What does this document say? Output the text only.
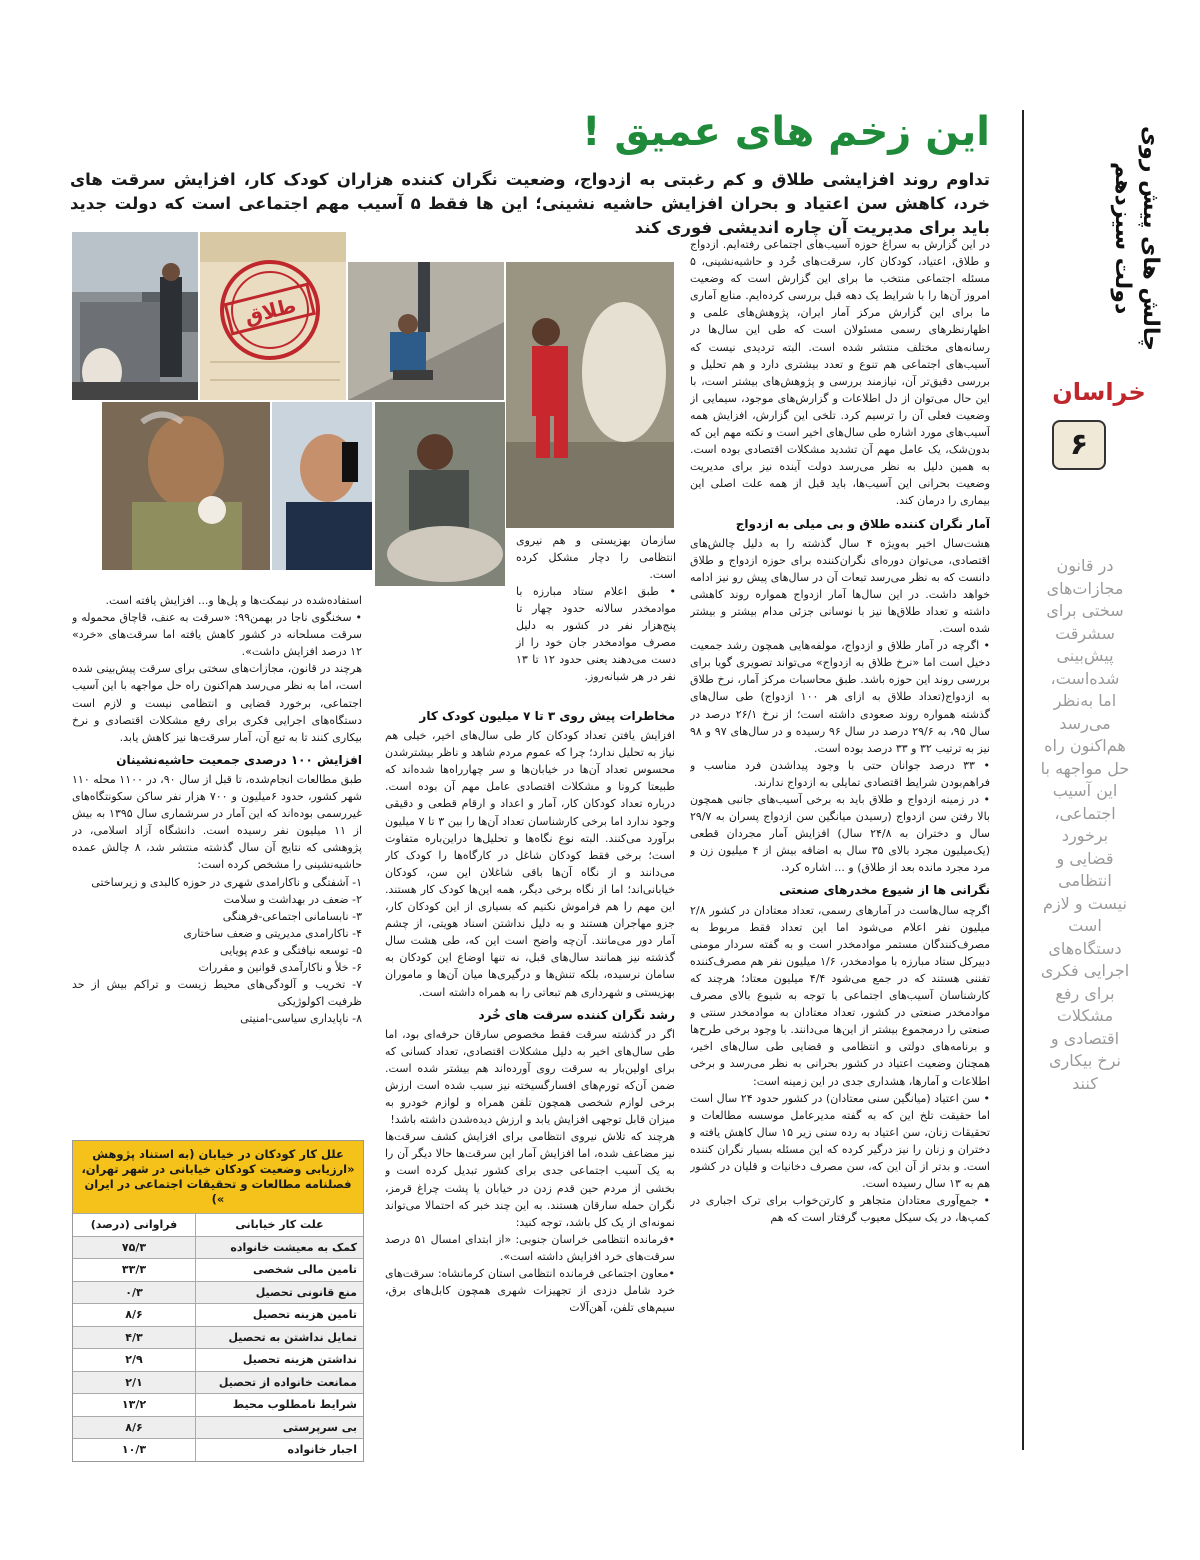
چالش های پیش روی دولت سیزدهم
خراسان
۶
در قانون مجازات‌های سختی برای سشرقت پیش‌بینی شده‌است، اما به‌نظر می‌رسد هم‌اکنون راه حل مواجهه با این آسیب اجتماعی، برخورد قضایی و انتظامی نیست و لازم است دستگاه‌های اجرایی فکری برای رفع مشکلات اقتصادی و نرخ بیکاری کنند
این زخم های عمیق !
تداوم روند افزایشی طلاق و کم رغبتی به ازدواج، وضعیت نگران کننده هزاران کودک کار، افزایش سرقت های خرد، کاهش سن اعتیاد و بحران افزایش حاشیه نشینی؛ این ها فقط ۵ آسیب مهم اجتماعی است که دولت جدید باید برای مدیریت آن چاره اندیشی فوری کند
طلاق
سازمان بهزیستی و هم نیروی انتظامی را دچار مشکل کرده است.
• طبق اعلام ستاد مبارزه با موادمخدر سالانه حدود چهار تا پنج‌هزار نفر در کشور به دلیل مصرف موادمخدر جان خود را از دست می‌دهند یعنی حدود ۱۲ تا ۱۳ نفر در هر شبانه‌روز.

در این گزارش به سراغ حوزه آسیب‌های اجتماعی رفته‌ایم. ازدواج و طلاق، اعتیاد، کودکان کار، سرقت‌های خُرد و حاشیه‌نشینی، ۵ مسئله اجتماعی منتخب ما برای این گزارش است که وضعیت امروز آن‌ها را با شرایط یک دهه قبل بررسی کرده‌ایم. منابع آماری ما برای این گزارش مرکز آمار ایران، پژوهش‌های علمی و اظهارنظرهای رسمی مسئولان است که طی این سال‌ها در رسانه‌های مختلف منتشر شده است. البته تردیدی نیست که آسیب‌های اجتماعی هم تنوع و تعدد بیشتری دارد و هم تحلیل و بررسی دقیق‌تر آن، نیازمند بررسی و پژوهش‌های بیشتر است، با این حال می‌توان از دل اطلاعات و گزارش‌های موجود، سیمایی از وضعیت فعلی آن را ترسیم کرد. تلخی این گزارش، افزایش همه آسیب‌های مورد اشاره طی سال‌های اخیر است و نکته مهم این که بدون‌شک، یک عامل مهم آن تشدید مشکلات اقتصادی بوده است. به همین دلیل به نظر می‌رسد دولت آینده نیز برای مدیریت وضعیت بحرانی این آسیب‌ها، باید قبل از همه علت اصلی این بیماری را درمان کند.

آمار نگران کننده طلاق و بی میلی به ازدواج

هشت‌سال اخیر به‌ویژه ۴ سال گذشته را به دلیل چالش‌های اقتصادی، می‌توان دوره‌ای نگران‌کننده برای حوزه ازدواج و طلاق دانست که به نظر می‌رسد تبعات آن در سال‌های پیش رو نیز ادامه خواهد داشت. در این سال‌ها آمار ازدواج همواره روند کاهشی داشته و تعداد طلاق‌ها نیز با نوسانی جزئی مدام بیشتر و بیشتر شده است.

• اگرچه در آمار طلاق و ازدواج، مولفه‌هایی همچون رشد جمعیت دخیل است اما «نرخ طلاق به ازدواج» می‌تواند تصویری گویا برای بررسی روند این حوزه باشد. طبق محاسبات مرکز آمار، نرخ طلاق به ازدواج(تعداد طلاق به ازای هر ۱۰۰ ازدواج) طی سال‌های گذشته همواره روند صعودی داشته است؛ از نرخ ۲۶/۱ درصد در سال ۹۵، به ۲۹/۶ درصد در سال ۹۶ رسیده و در سال‌های ۹۷ و ۹۸ نیز به ترتیب ۳۲ و ۳۳ درصد بوده است.

• ۳۳ درصد جوانان حتی با وجود پیداشدن فرد مناسب و فراهم‌بودن شرایط اقتصادی تمایلی به ازدواج ندارند.

• در زمینه ازدواج و طلاق باید به برخی آسیب‌های جانبی همچون بالا رفتن سن ازدواج (رسیدن میانگین سن ازدواج پسران به ۲۹/۷ سال و دختران به ۲۴/۸ سال) افزایش آمار مجردان قطعی (یک‌میلیون مجرد بالای ۳۵ سال به اضافه بیش از ۴ میلیون زن و مرد مجرد مانده بعد از طلاق) و ... اشاره کرد.

نگرانی ها از شیوع مخدرهای صنعتی

اگرچه سال‌هاست در آمارهای رسمی، تعداد معتادان در کشور ۲/۸ میلیون نفر اعلام می‌شود اما این تعداد فقط مربوط به مصرف‌کنندگان مستمر موادمخدر است و به گفته سردار مومنی دبیرکل ستاد مبارزه با موادمخدر، ۱/۶ میلیون نفر هم مصرف‌کننده تفننی هستند که در جمع می‌شود ۴/۴ میلیون معتاد؛ هرچند که کارشناسان آسیب‌های اجتماعی با توجه به شیوع بالای مصرف موادمخدر صنعتی در کشور، تعداد معتادان به موادمخدر سنتی و صنعتی را درمجموع بیشتر از این‌ها می‌دانند. با وجود برخی طرح‌ها و برنامه‌های دولتی و انتظامی و قضایی طی سال‌های اخیر، همچنان وضعیت اعتیاد در کشور بحرانی به نظر می‌رسد و برخی اطلاعات و آمارها، هشداری جدی در این زمینه است:

• سن اعتیاد (میانگین سنی معتادان) در کشور حدود ۲۴ سال است اما حقیقت تلخ این که به گفته مدیرعامل موسسه مطالعات و تحقیقات زنان، سن اعتیاد به رده سنی زیر ۱۵ سال کاهش یافته و دختران و زنان را نیز درگیر کرده که این مسئله بسیار نگران کننده است. و بدتر از آن این که، سن مصرف دخانیات و قلیان در کشور هم به ۱۳ سال رسیده است.

• جمع‌آوری معتادان متجاهر و کارتن‌خواب برای ترک اجباری در کمپ‌ها، در یک سیکل معیوب گرفتار است که هم

مخاطرات پیش روی ۳ تا ۷ میلیون کودک کار

افزایش یافتن تعداد کودکان کار طی سال‌های اخیر، خیلی هم نیاز به تحلیل ندارد؛ چرا که عموم مردم شاهد و ناظر بیشترشدن محسوس تعداد آن‌ها در خیابان‌ها و سر چهارراه‌ها شده‌اند که طبیعتا کرونا و مشکلات اقتصادی عامل مهم آن بوده است. درباره تعداد کودکان کار، آمار و اعداد و ارقام قطعی و دقیقی وجود ندارد اما برخی کارشناسان تعداد آن‌ها را بین ۳ تا ۷ میلیون برآورد می‌کنند. البته نوع نگاه‌ها و تحلیل‌ها دراین‌باره متفاوت است؛ برخی فقط کودکان شاغل در کارگاه‌ها را کودک کار می‌دانند و از نگاه آن‌ها باقی شاغلان این سن، کودکان خیابانی‌اند؛ اما از نگاه برخی دیگر، همه این‌ها کودک کار هستند. این مهم را هم فراموش نکنیم که بسیاری از این کودکان کار، جزو مهاجران هستند و به دلیل نداشتن اسناد هویتی، از چشم آمار دور می‌مانند. آن‌چه واضح است این که، طی هشت سال گذشته نیز همانند سال‌های قبل، نه تنها اوضاع این کودکان به سامان نرسیده، بلکه تنش‌ها و درگیری‌ها میان آن‌ها و ماموران بهزیستی و شهرداری هم تبعاتی را به همراه داشته است.

رشد نگران کننده سرقت های خُرد

اگر در گذشته سرقت فقط مخصوص سارقان حرفه‌ای بود، اما طی سال‌های اخیر به دلیل مشکلات اقتصادی، تعداد کسانی که برای اولین‌بار به سرقت روی آورده‌اند هم بیشتر شده است. ضمن آن‌که تورم‌های افسارگسیخته نیز سبب شده است ارزش برخی لوازم شخصی همچون تلفن همراه و لوازم خودرو به میزان قابل توجهی افزایش یابد و ارزش دیده‌شدن داشته باشد!

هرچند که تلاش نیروی انتظامی برای افزایش کشف سرقت‌ها نیز مضاعف شده، اما افزایش آمار این سرقت‌ها حالا دیگر آن را به یک آسیب اجتماعی جدی برای کشور تبدیل کرده است و بخشی از مردم حین قدم زدن در خیابان یا پشت چراغ قرمز، نگران حمله سارقان هستند. به این چند خبر که احتمالا می‌تواند نمونه‌ای از یک کل باشد، توجه کنید:

•فرمانده انتظامی خراسان جنوبی: «از ابتدای امسال ۵۱ درصد سرقت‌های خرد افزایش داشته است».

•معاون اجتماعی فرمانده انتظامی استان کرمانشاه: سرقت‌های خرد شامل دزدی از تجهیزات شهری همچون کابل‌های برق، سیم‌های تلفن، آهن‌آلات

استفاده‌شده در نیمکت‌ها و پل‌ها و... افزایش یافته است.

• سخنگوی ناجا در بهمن۹۹: «سرقت به عنف، قاچاق محموله و سرقت مسلحانه در کشور کاهش یافته اما سرقت‌های «خرد» ۱۲ درصد افزایش داشت».

هرچند در قانون، مجازات‌های سختی برای سرقت پیش‌بینی شده است، اما به نظر می‌رسد هم‌اکنون راه حل مواجهه با این آسیب اجتماعی، برخورد قضایی و انتظامی نیست و لازم است دستگاه‌های اجرایی فکری برای رفع مشکلات اقتصادی و نرخ بیکاری کنند تا به تبع آن، آمار سرقت‌ها نیز کاهش یابد.

افزایش ۱۰۰ درصدی جمعیت حاشیه‌نشینان

طبق مطالعات انجام‌شده، تا قبل از سال ۹۰، در ۱۱۰۰ محله ۱۱۰ شهر کشور، حدود ۶میلیون و ۷۰۰ هزار نفر ساکن سکونتگاه‌های غیررسمی بوده‌اند که این آمار در سرشماری سال ۱۳۹۵ به بیش از ۱۱ میلیون نفر رسیده است. دانشگاه آزاد اسلامی، در پژوهشی که نتایج آن سال گذشته منتشر شد، ۸ چالش عمده حاشیه‌نشینی را مشخص کرده است:

۱- آشفتگی و ناکارامدی شهری در حوزه کالبدی و زیرساختی
۲- ضعف در بهداشت و سلامت
۳- نابسامانی اجتماعی-فرهنگی
۴- ناکارامدی مدیریتی و ضعف ساختاری
۵- توسعه نیافتگی و عدم پویایی
۶- خلأ و ناکارآمدی قوانین و مقررات
۷- تخریب و آلودگی‌های محیط زیست و تراکم بیش از حد ظرفیت اکولوژیکی
۸- ناپایداری سیاسی-امنیتی
علل کار کودکان در خیابان (به استناد پژوهش «ارزیابی وضعیت کودکان خیابانی در شهر تهران، فصلنامه مطالعات و تحقیقات اجتماعی در ایران »)
علت کار خیابانی	فراوانی (درصد)
کمک به معیشت خانواده	۷۵/۳
تامین مالی شخصی	۳۳/۳
منع قانونی تحصیل	۰/۳
تامین هزینه تحصیل	۸/۶
تمایل نداشتن به تحصیل	۴/۳
نداشتن هزینه تحصیل	۲/۹
ممانعت خانواده از تحصیل	۲/۱
شرایط نامطلوب محیط	۱۳/۲
بی سرپرستی	۸/۶
اجبار خانواده	۱۰/۳
